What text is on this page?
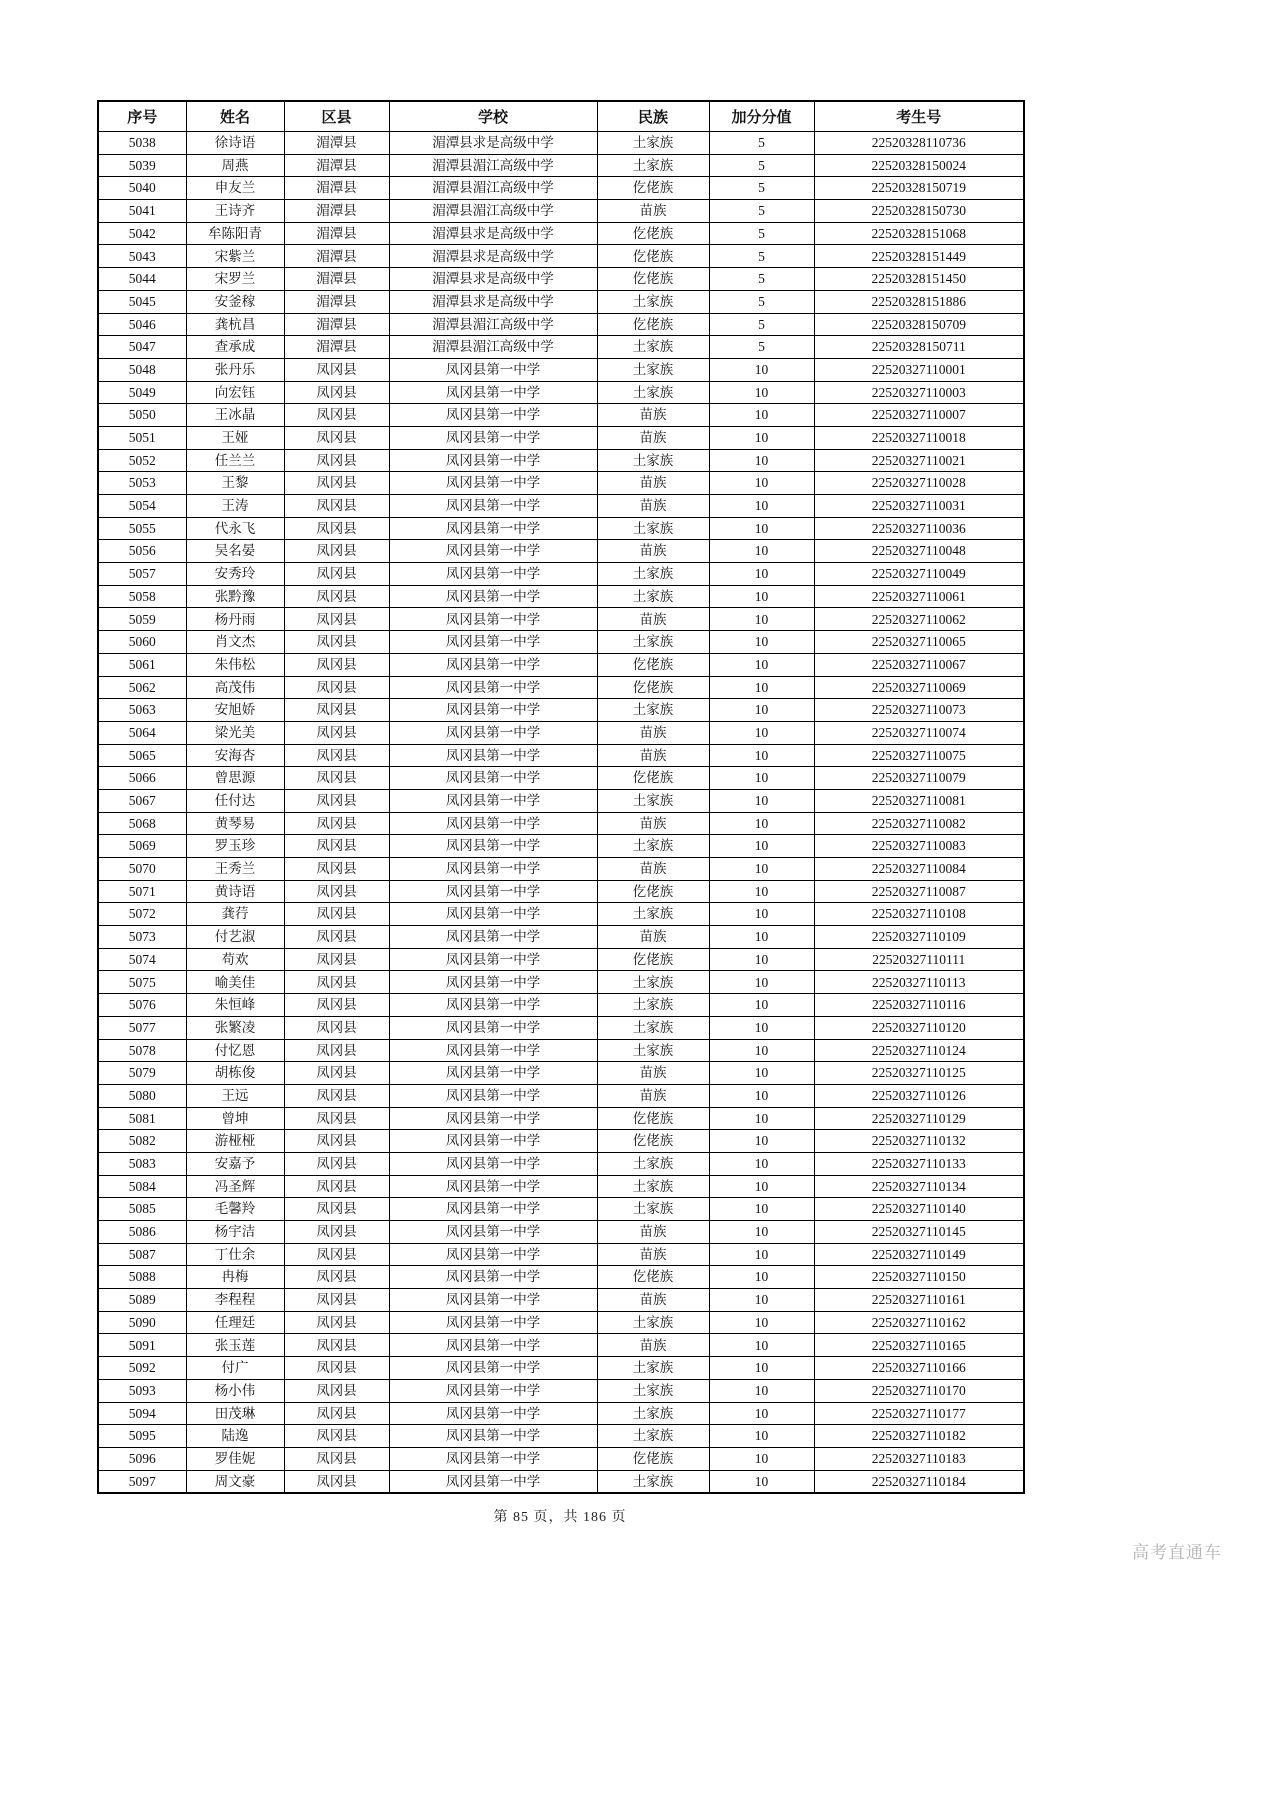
序号	姓名	区县	学校	民族	加分分值	考生号
5038	徐诗语	湄潭县	湄潭县求是高级中学	土家族	5	22520328110736
5039	周燕	湄潭县	湄潭县湄江高级中学	土家族	5	22520328150024
5040	申友兰	湄潭县	湄潭县湄江高级中学	仡佬族	5	22520328150719
5041	王诗齐	湄潭县	湄潭县湄江高级中学	苗族	5	22520328150730
5042	牟陈阳青	湄潭县	湄潭县求是高级中学	仡佬族	5	22520328151068
5043	宋紫兰	湄潭县	湄潭县求是高级中学	仡佬族	5	22520328151449
5044	宋罗兰	湄潭县	湄潭县求是高级中学	仡佬族	5	22520328151450
5045	安釜稼	湄潭县	湄潭县求是高级中学	土家族	5	22520328151886
5046	龚杭昌	湄潭县	湄潭县湄江高级中学	仡佬族	5	22520328150709
5047	查承成	湄潭县	湄潭县湄江高级中学	土家族	5	22520328150711
5048	张丹乐	凤冈县	凤冈县第一中学	土家族	10	22520327110001
5049	向宏钰	凤冈县	凤冈县第一中学	土家族	10	22520327110003
5050	王冰晶	凤冈县	凤冈县第一中学	苗族	10	22520327110007
5051	王娅	凤冈县	凤冈县第一中学	苗族	10	22520327110018
5052	任兰兰	凤冈县	凤冈县第一中学	土家族	10	22520327110021
5053	王黎	凤冈县	凤冈县第一中学	苗族	10	22520327110028
5054	王涛	凤冈县	凤冈县第一中学	苗族	10	22520327110031
5055	代永飞	凤冈县	凤冈县第一中学	土家族	10	22520327110036
5056	吴名晏	凤冈县	凤冈县第一中学	苗族	10	22520327110048
5057	安秀玲	凤冈县	凤冈县第一中学	土家族	10	22520327110049
5058	张黔豫	凤冈县	凤冈县第一中学	土家族	10	22520327110061
5059	杨丹雨	凤冈县	凤冈县第一中学	苗族	10	22520327110062
5060	肖文杰	凤冈县	凤冈县第一中学	土家族	10	22520327110065
5061	朱伟松	凤冈县	凤冈县第一中学	仡佬族	10	22520327110067
5062	高茂伟	凤冈县	凤冈县第一中学	仡佬族	10	22520327110069
5063	安旭娇	凤冈县	凤冈县第一中学	土家族	10	22520327110073
5064	梁光美	凤冈县	凤冈县第一中学	苗族	10	22520327110074
5065	安海杏	凤冈县	凤冈县第一中学	苗族	10	22520327110075
5066	曾思源	凤冈县	凤冈县第一中学	仡佬族	10	22520327110079
5067	任付达	凤冈县	凤冈县第一中学	土家族	10	22520327110081
5068	黄琴易	凤冈县	凤冈县第一中学	苗族	10	22520327110082
5069	罗玉珍	凤冈县	凤冈县第一中学	土家族	10	22520327110083
5070	王秀兰	凤冈县	凤冈县第一中学	苗族	10	22520327110084
5071	黄诗语	凤冈县	凤冈县第一中学	仡佬族	10	22520327110087
5072	龚荇	凤冈县	凤冈县第一中学	土家族	10	22520327110108
5073	付艺淑	凤冈县	凤冈县第一中学	苗族	10	22520327110109
5074	苟欢	凤冈县	凤冈县第一中学	仡佬族	10	22520327110111
5075	喻美佳	凤冈县	凤冈县第一中学	土家族	10	22520327110113
5076	朱恒峰	凤冈县	凤冈县第一中学	土家族	10	22520327110116
5077	张繁凌	凤冈县	凤冈县第一中学	土家族	10	22520327110120
5078	付忆恩	凤冈县	凤冈县第一中学	土家族	10	22520327110124
5079	胡栋俊	凤冈县	凤冈县第一中学	苗族	10	22520327110125
5080	王远	凤冈县	凤冈县第一中学	苗族	10	22520327110126
5081	曾坤	凤冈县	凤冈县第一中学	仡佬族	10	22520327110129
5082	游桠桠	凤冈县	凤冈县第一中学	仡佬族	10	22520327110132
5083	安嘉予	凤冈县	凤冈县第一中学	土家族	10	22520327110133
5084	冯圣辉	凤冈县	凤冈县第一中学	土家族	10	22520327110134
5085	毛馨羚	凤冈县	凤冈县第一中学	土家族	10	22520327110140
5086	杨宇洁	凤冈县	凤冈县第一中学	苗族	10	22520327110145
5087	丁仕余	凤冈县	凤冈县第一中学	苗族	10	22520327110149
5088	冉梅	凤冈县	凤冈县第一中学	仡佬族	10	22520327110150
5089	李程程	凤冈县	凤冈县第一中学	苗族	10	22520327110161
5090	任理廷	凤冈县	凤冈县第一中学	土家族	10	22520327110162
5091	张玉莲	凤冈县	凤冈县第一中学	苗族	10	22520327110165
5092	付广	凤冈县	凤冈县第一中学	土家族	10	22520327110166
5093	杨小伟	凤冈县	凤冈县第一中学	土家族	10	22520327110170
5094	田茂琳	凤冈县	凤冈县第一中学	土家族	10	22520327110177
5095	陆逸	凤冈县	凤冈县第一中学	土家族	10	22520327110182
5096	罗佳妮	凤冈县	凤冈县第一中学	仡佬族	10	22520327110183
5097	周文豪	凤冈县	凤冈县第一中学	土家族	10	22520327110184
第 85 页，共 186 页
高考直通车
